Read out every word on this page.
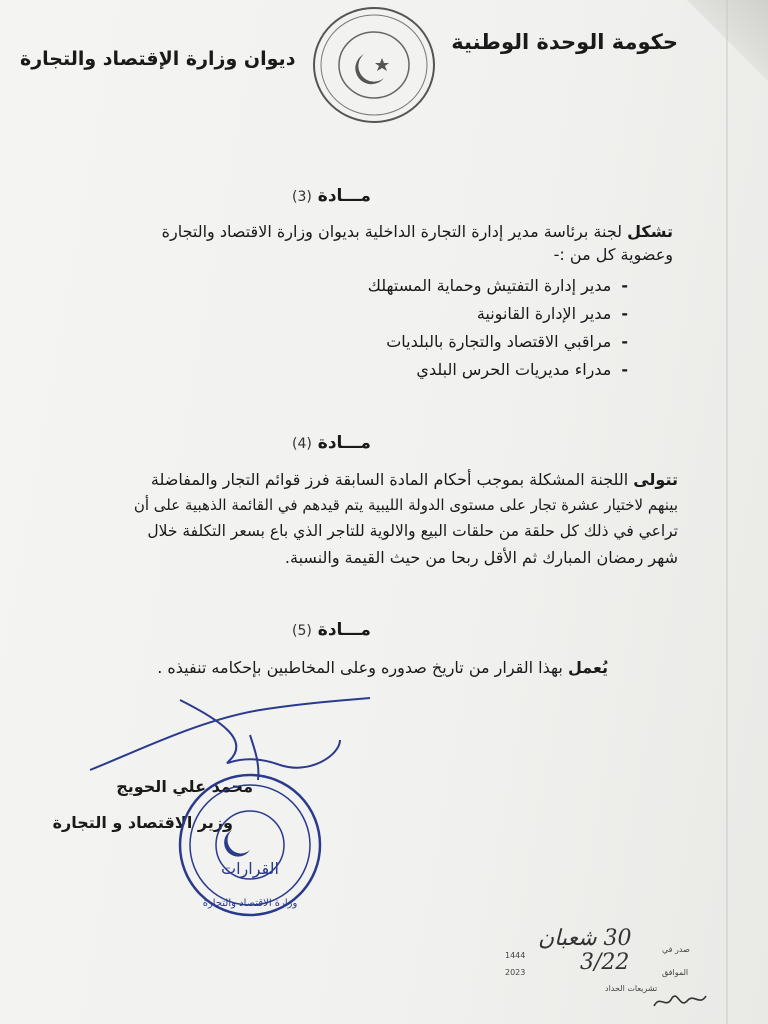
حكومة الوحدة الوطنية
ديوان وزارة الإقتصاد والتجارة
مـــادة (3)
تشكل لجنة برئاسة مدير إدارة التجارة الداخلية بديوان وزارة الاقتصاد والتجارة
وعضوية كل من :-
-
مدير إدارة التفتيش وحماية المستهلك
-
مدير الإدارة القانونية
-
مراقبي الاقتصاد والتجارة بالبلديات
-
مدراء مديريات الحرس البلدي
مـــادة (4)
تتولى اللجنة المشكلة بموجب أحكام المادة السابقة فرز قوائم التجار والمفاضلة
بينهم لاختيار عشرة تجار على مستوى الدولة الليبية يتم قيدهم في القائمة الذهبية على أن
تراعي في ذلك كل حلقة من حلقات البيع والالوية للتاجر الذي باع بسعر التكلفة خلال
شهر رمضان المبارك ثم الأقل ربحا من حيث القيمة والنسبة.
مـــادة (5)
يُعمل بهذا القرار من تاريخ صدوره وعلى المخاطبين بإحكامه تنفيذه .
محمد علي الحويج
وزير الاقتصاد و التجارة
القرارات
وزارة الاقتصاد والتجارة
30 شعبان
1444
صدر في
الموافق
3/22
2023
تشريعات الحداد
